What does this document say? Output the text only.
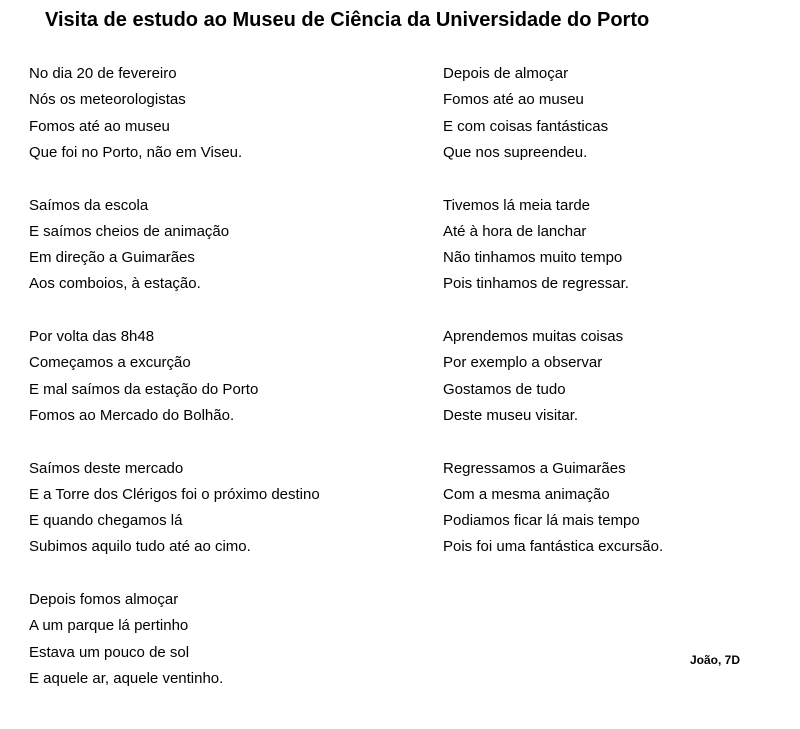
Visita de estudo ao Museu de Ciência da Universidade do Porto
No dia 20 de fevereiro
Nós os meteorologistas
Fomos até ao museu
Que foi no Porto, não em Viseu.
Saímos da escola
E saímos cheios de animação
Em direção a Guimarães
Aos comboios, à estação.
Por volta das 8h48
Começamos a excurção
E mal saímos da estação do Porto
Fomos ao Mercado do Bolhão.
Saímos deste mercado
E a Torre dos Clérigos foi o próximo destino
E quando chegamos lá
Subimos aquilo tudo até ao cimo.
Depois fomos almoçar
A um parque lá pertinho
Estava um pouco de sol
E aquele ar, aquele ventinho.
Depois de almoçar
Fomos até ao museu
E com coisas fantásticas
Que nos supreendeu.
Tivemos lá meia tarde
Até à hora de lanchar
Não tinhamos muito tempo
Pois tinhamos de regressar.
Aprendemos muitas coisas
Por exemplo a observar
Gostamos de tudo
Deste museu visitar.
Regressamos a Guimarães
Com a mesma animação
Podiamos ficar lá mais tempo
Pois foi uma fantástica excursão.
João, 7D
